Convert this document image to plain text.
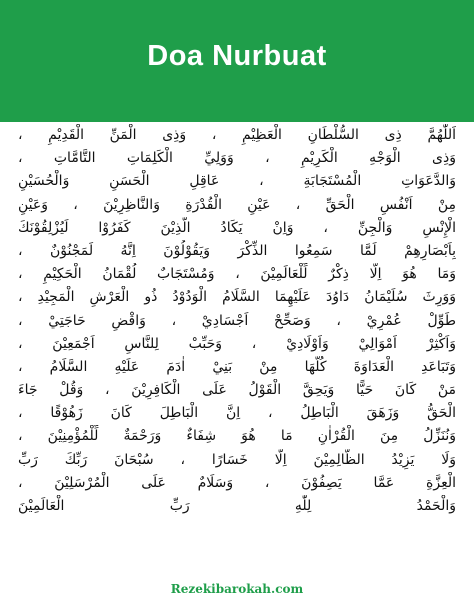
Doa Nurbuat
اَللّٰهُمَّ ذِى السُّلْطَانِ الْعَظِيْمِ ، وَذِى الْمَنِّ الْقَدِيْمِ ،
وَذِى الْوَجْهِ الْكَرِيْمِ ، وَوَلِيِّ الْكَلِمَاتِ التَّامَّاتِ ،
وَالدَّعَوَاتِ الْمُسْتَجَابَةِ ، عَاقِلِ الْحَسَنِ وَالْحُسَيْنِ
مِنْ اَنْفُسِ الْحَقِّ ، عَيْنِ الْقُدْرَةِ وَالنَّاظِرِيْنَ ، وَعَيْنِ
الْإِنْسِ وَالْجِنِّ ، وَاِنْ يَكَادُ الَّذِيْنَ كَفَرُوْا لَيُزْلِقُوْنَكَ
بِاَبْصَارِهِمْ لَمَّا سَمِعُوا الذِّكْرَ وَيَقُوْلُوْنَ اِنَّهُ لَمَجْنُوْنٌ ،
وَمَا هُوَ اِلَّا ذِكْرٌ لِّلْعَالَمِيْنَ ، وَمُسْتَجَابٌ لُقْمَانُ الْحَكِيْمِ ،
وَوَرِثَ سُلَيْمَانُ دَاوُدَ عَلَيْهِمَا السَّلَامُ الْوَدُوْدُ ذُو الْعَرْشِ الْمَجِيْدِ ،
طَوِّلْ عُمْرِيْ ، وَصَحِّحْ اَجْسَادِيْ ، وَاقْضِ حَاجَتِيْ ،
وَاَكْثِرْ اَمْوَالِيْ وَاَوْلَادِيْ ، وَحَبِّبْ لِلنَّاسِ اَجْمَعِيْنَ ،
وَتَبَاعَدِ الْعَدَاوَةَ كُلَّهَا مِنْ بَنِيْ اٰدَمَ عَلَيْهِ السَّلَامُ ،
مَنْ كَانَ حَيًّا وَيَحِقَّ الْقَوْلُ عَلَى الْكَافِرِيْنَ ، وَقُلْ جَاءَ
الْحَقُّ وَزَهَقَ الْبَاطِلُ ، اِنَّ الْبَاطِلَ كَانَ زَهُوْقًا ،
وَنُنَزِّلُ مِنَ الْقُرْاٰنِ مَا هُوَ شِفَاءٌ وَرَحْمَةٌ لِّلْمُؤْمِنِيْنَ ،
وَلَا يَزِيْدُ الظَّالِمِيْنَ اِلَّا خَسَارًا ، سُبْحَانَ رَبِّكَ رَبِّ
الْعِزَّةِ عَمَّا يَصِفُوْنَ ، وَسَلَامٌ عَلَى الْمُرْسَلِيْنَ ،
وَالْحَمْدُ لِلّٰهِ رَبِّ الْعَالَمِيْنَ
Rezekibarokah.com
